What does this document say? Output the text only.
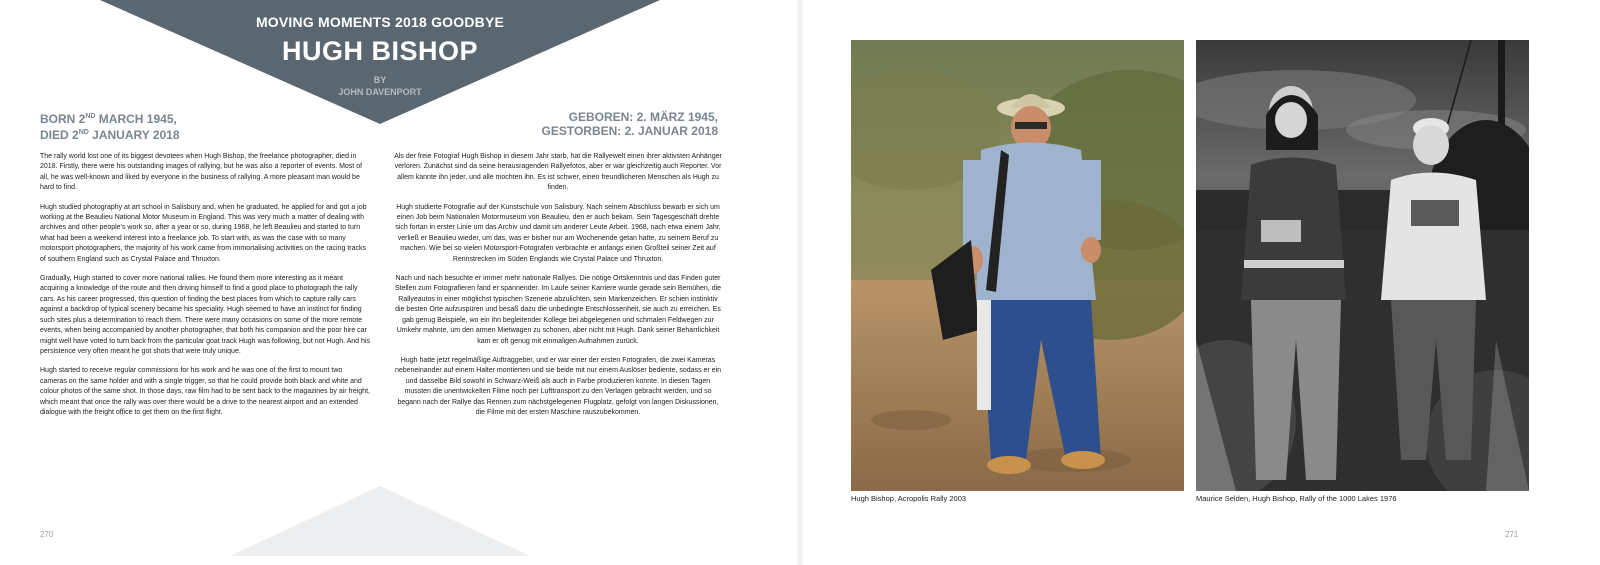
MOVING MOMENTS 2018 GOODBYE
HUGH BISHOP
BY
JOHN DAVENPORT
BORN 2ND MARCH 1945,
DIED 2ND JANUARY 2018
GEBOREN: 2. MÄRZ 1945,
GESTORBEN: 2. JANUAR 2018

The rally world lost one of its biggest devotees when Hugh Bishop, the freelance photographer, died in 2018. Firstly, there were his outstanding images of rallying, but he was also a reporter of events. Most of all, he was well-known and liked by everyone in the business of rallying. A more pleasant man would be hard to find.

Hugh studied photography at art school in Salisbury and, when he graduated, he applied for and got a job working at the Beaulieu National Motor Museum in England. This was very much a matter of dealing with archives and other people’s work so, after a year or so, during 1968, he left Beaulieu and started to turn what had been a weekend interest into a freelance job. To start with, as was the case with so many motorsport photographers, the majority of his work came from immortalising activities on the racing tracks of southern England such as Crystal Palace and Thruxton.

Gradually, Hugh started to cover more national rallies. He found them more interesting as it meant acquiring a knowledge of the route and then driving himself to find a good place to photograph the rally cars. As his career progressed, this question of finding the best places from which to capture rally cars against a backdrop of typical scenery became his speciality. Hugh seemed to have an instinct for finding such sites plus a determination to reach them. There were many occasions on some of the more remote events, when being accompanied by another photographer, that both his companion and the poor hire car might well have voted to turn back from the particular goat track Hugh was following, but not Hugh. And his persistence very often meant he got shots that were truly unique.

Hugh started to receive regular commissions for his work and he was one of the first to mount two cameras on the same holder and with a single trigger, so that he could provide both black and white and colour photos of the same shot. In those days, raw film had to be sent back to the magazines by air freight, which meant that once the rally was over there would be a drive to the nearest airport and an extended dialogue with the freight office to get them on the first flight.

Als der freie Fotograf Hugh Bishop in diesem Jahr starb, hat die Rallyewelt einen ihrer aktivsten Anhänger verloren. Zunächst sind da seine herausragenden Rallyefotos, aber er war gleichzeitig auch Reporter. Vor allem kannte ihn jeder, und alle mochten ihn. Es ist schwer, einen freundlicheren Menschen als Hugh zu finden.

Hugh studierte Fotografie auf der Kunstschule von Salisbury. Nach seinem Abschluss bewarb er sich um einen Job beim Nationalen Motormuseum von Beaulieu, den er auch bekam. Sein Tagesgeschäft drehte sich fortan in erster Linie um das Archiv und damit um anderer Leute Arbeit. 1968, nach etwa einem Jahr, verließ er Beaulieu wieder, um das, was er bisher nur am Wochenende getan hatte, zu seinem Beruf zu machen. Wie bei so vielen Motorsport-Fotografen verbrachte er anfangs einen Großteil seiner Zeit auf Rennstrecken im Süden Englands wie Crystal Palace und Thruxton.

Nach und nach besuchte er immer mehr nationale Rallyes. Die nötige Ortskenntnis und das Finden guter Stellen zum Fotografieren fand er spannender. Im Laufe seiner Karriere wurde gerade sein Bemühen, die Rallyeautos in einer möglichst typischen Szenerie abzulichten, sein Markenzeichen. Er schien instinktiv die besten Orte aufzuspüren und besaß dazu die unbedingte Entschlossenheit, sie auch zu erreichen. Es gab genug Beispiele, wo ein ihn begleitender Kollege bei abgelegenen und schmalen Feldwegen zur Umkehr mahnte, um den armen Mietwagen zu schonen, aber nicht mit Hugh. Dank seiner Beharrlichkeit kam er oft genug mit einmaligen Aufnahmen zurück.

Hugh hatte jetzt regelmäßige Auftraggeber, und er war einer der ersten Fotografen, die zwei Kameras nebeneinander auf einem Halter montierten und sie beide mit nur einem Auslöser bediente, sodass er ein und dasselbe Bild sowohl in Schwarz-Weiß als auch in Farbe produzieren konnte. In diesen Tagen mussten die unentwickelten Filme noch per Lufttransport zu den Verlagen gebracht werden, und so begann nach der Rallye das Rennen zum nächstgelegenen Flugplatz, gefolgt von langen Diskussionen, die Filme mit der ersten Maschine rauszubekommen.

270
Hugh Bishop, Acropolis Rally 2003	Maurice Selden, Hugh Bishop, Rally of the 1000 Lakes 1976
271
